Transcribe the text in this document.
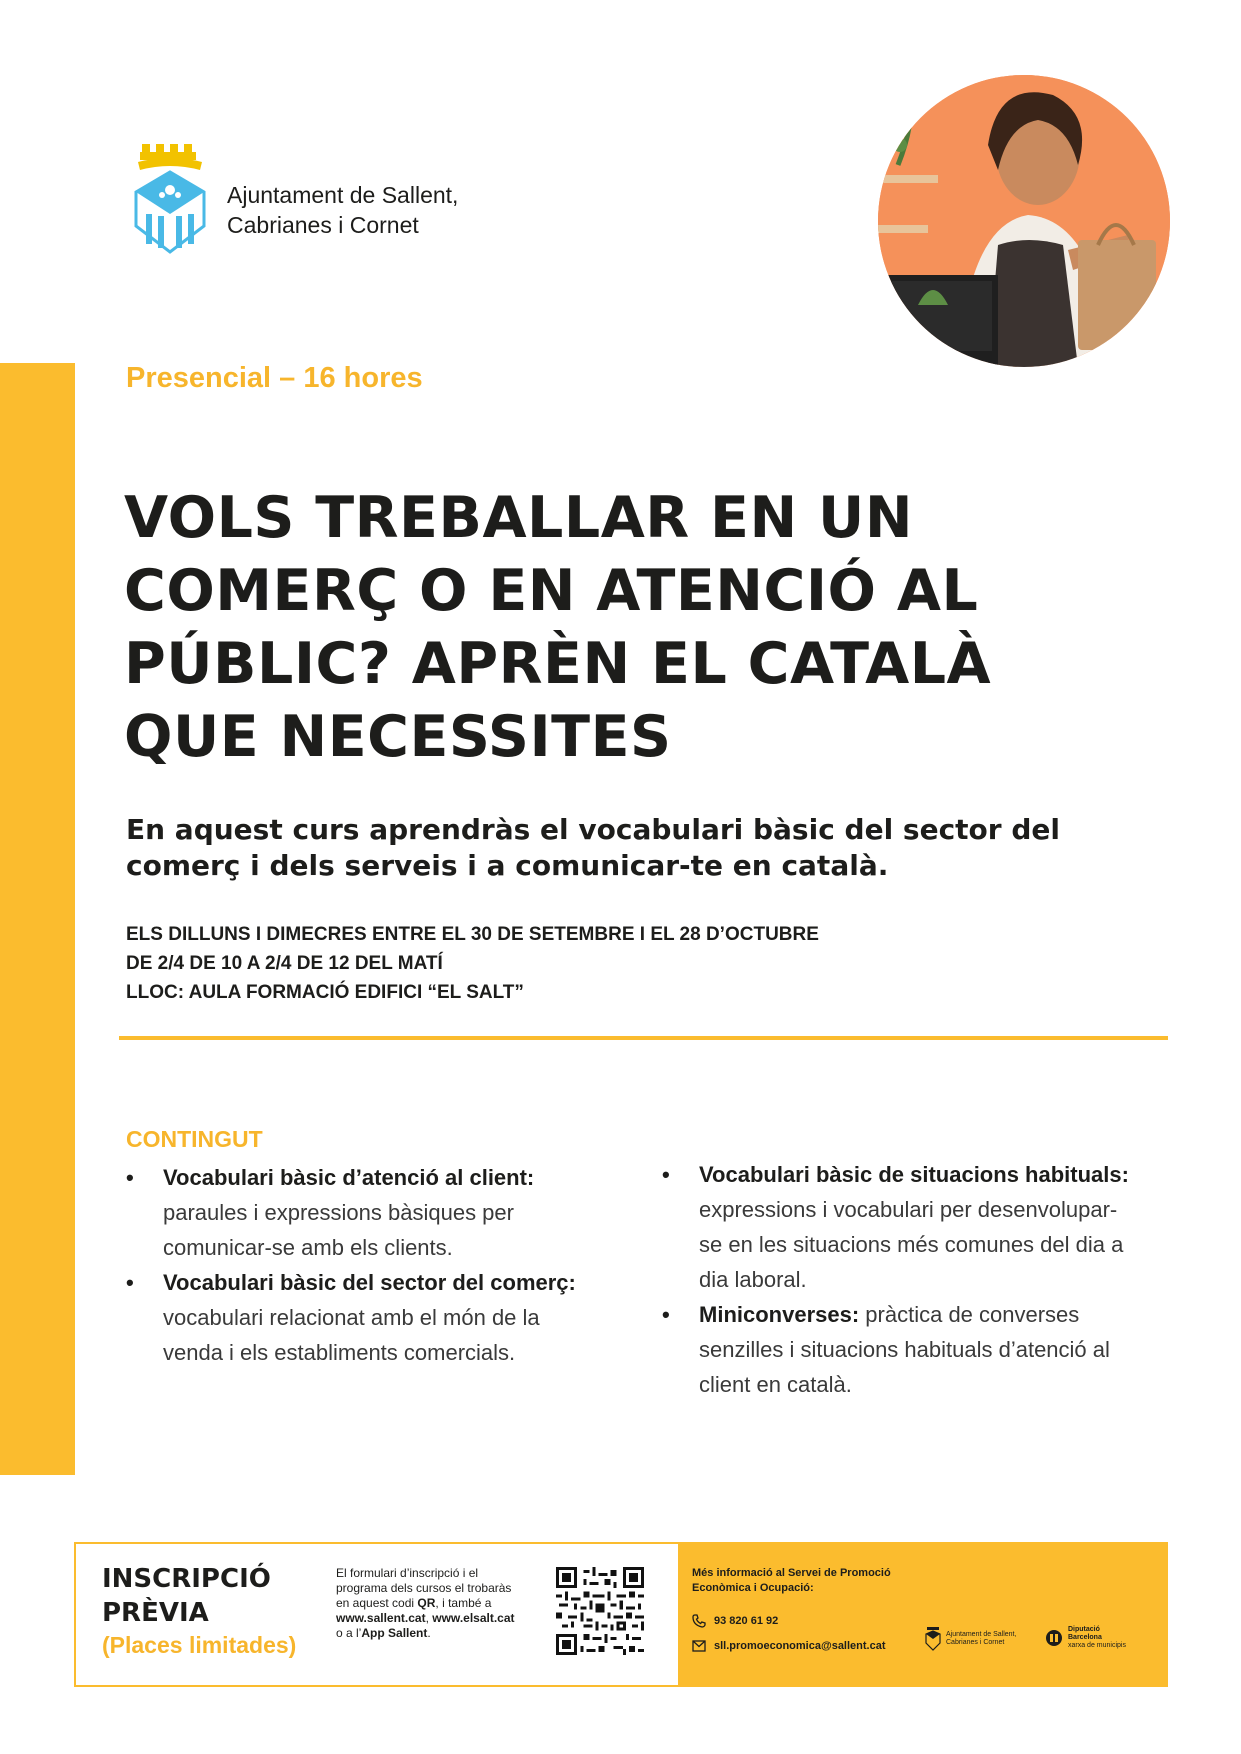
Ajuntament de Sallent,
Cabrianes i Cornet
Presencial – 16 hores
VOLS TREBALLAR EN UN COMERÇ O EN ATENCIÓ AL PÚBLIC? APRÈN EL CATALÀ QUE NECESSITES

En aquest curs aprendràs el vocabulari bàsic del sector del comerç i dels serveis i a comunicar-te en català.

ELS DILLUNS I DIMECRES ENTRE EL 30 DE SETEMBRE I EL 28 D’OCTUBRE
DE 2/4 DE 10 A 2/4 DE 12 DEL MATÍ
LLOC: AULA FORMACIÓ EDIFICI “EL SALT”
CONTINGUT
• Vocabulari bàsic d’atenció al client: paraules i expressions bàsiques per comunicar-se amb els clients.
• Vocabulari bàsic del sector del comerç: vocabulari relacionat amb el món de la venda i els establiments comercials.
• Vocabulari bàsic de situacions habituals: expressions i vocabulari per desenvolupar-se en les situacions més comunes del dia a dia laboral.
• Miniconverses: pràctica de converses senzilles i situacions habituals d’atenció al client en català.
INSCRIPCIÓ
PRÈVIA
(Places limitades)
El formulari d’inscripció i el programa dels cursos el trobaràs en aquest codi QR, i també a www.sallent.cat, www.elsalt.cat o a l’App Sallent.
Més informació al Servei de Promoció
Econòmica i Ocupació:
93 820 61 92
sll.promoeconomica@sallent.cat
Ajuntament de Sallent,
Cabrianes i Cornet
Diputació
Barcelona
xarxa de municipis
